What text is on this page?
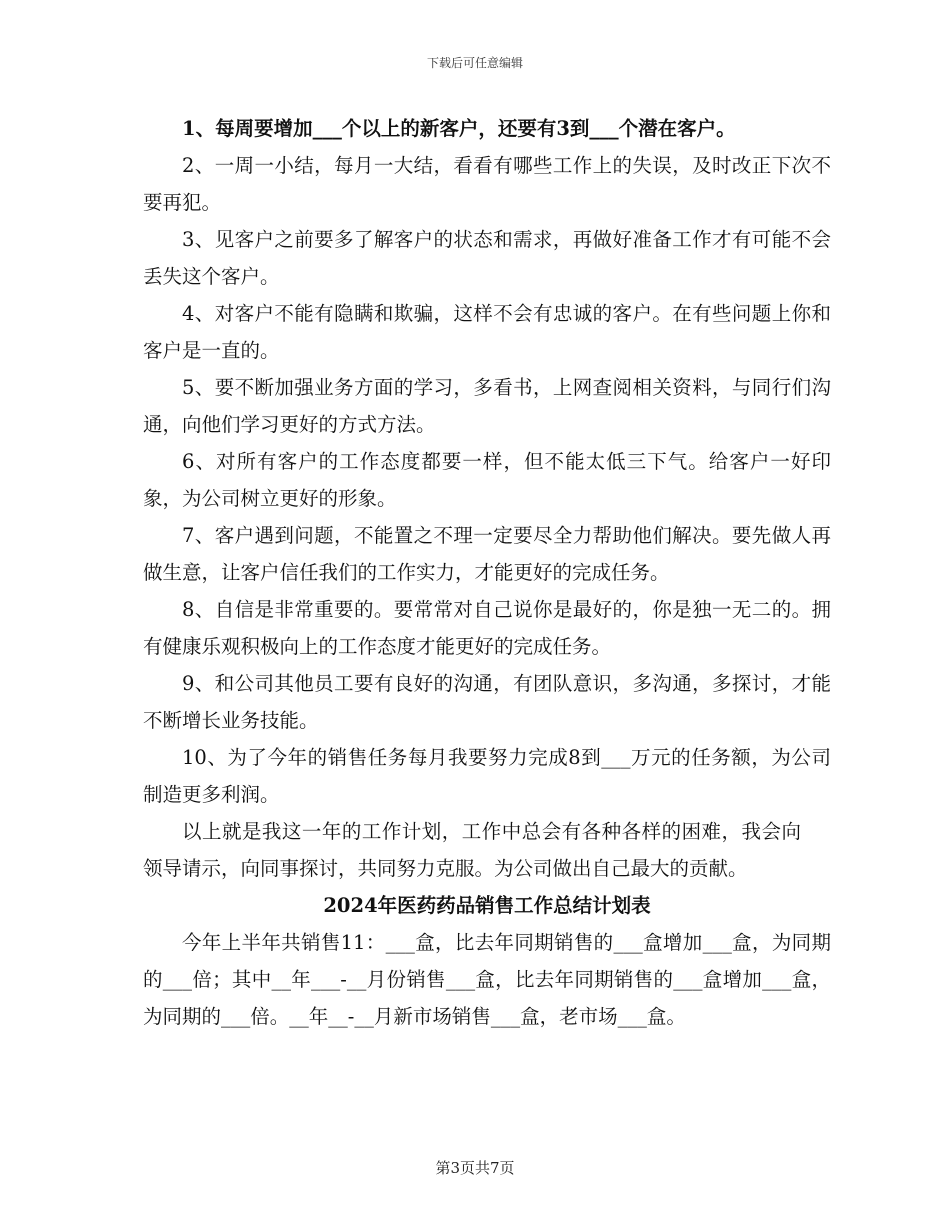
下载后可任意编辑

1、每周要增加___个以上的新客户，还要有3到___个潜在客户。

2、一周一小结，每月一大结，看看有哪些工作上的失误，及时改正下次不要再犯。

3、见客户之前要多了解客户的状态和需求，再做好准备工作才有可能不会丢失这个客户。

4、对客户不能有隐瞒和欺骗，这样不会有忠诚的客户。在有些问题上你和客户是一直的。

5、要不断加强业务方面的学习，多看书，上网查阅相关资料，与同行们沟通，向他们学习更好的方式方法。

6、对所有客户的工作态度都要一样，但不能太低三下气。给客户一好印象，为公司树立更好的形象。

7、客户遇到问题，不能置之不理一定要尽全力帮助他们解决。要先做人再做生意，让客户信任我们的工作实力，才能更好的完成任务。

8、自信是非常重要的。要常常对自己说你是最好的，你是独一无二的。拥有健康乐观积极向上的工作态度才能更好的完成任务。

9、和公司其他员工要有良好的沟通，有团队意识，多沟通，多探讨，才能不断增长业务技能。

10、为了今年的销售任务每月我要努力完成8到___万元的任务额，为公司制造更多利润。

以上就是我这一年的工作计划，工作中总会有各种各样的困难，我会向领导请示，向同事探讨，共同努力克服。为公司做出自己最大的贡献。

2024年医药药品销售工作总结计划表

今年上半年共销售11：___盒，比去年同期销售的___盒增加___盒，为同期的___倍；其中__年___-__月份销售___盒，比去年同期销售的___盒增加___盒，为同期的___倍。__年__-__月新市场销售___盒，老市场___盒。

第3页共7页
